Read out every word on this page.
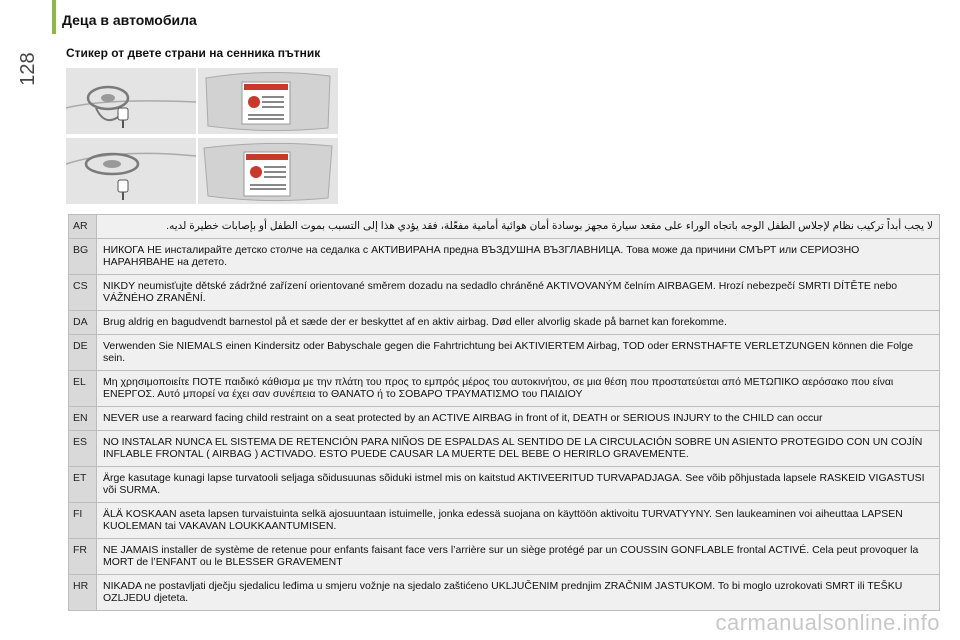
128
Деца в автомобила
Стикер от двете страни на сенника пътник
AR	لا يجب أبداً تركيب نظام لإجلاس الطفل الوجه باتجاه الوراء على مقعد سيارة مجهز بوسادة أمان هوائية أمامية مفعّلة، فقد يؤدي هذا إلى التسبب بموت الطفل أو بإصابات خطيرة لديه.
BG	НИКОГА НЕ инсталирайте детско столче на седалка с АКТИВИРАНА предна ВЪЗДУШНА ВЪЗГЛАВНИЦА. Това може да причини СМЪРТ или СЕРИОЗНО НАРАНЯВАНЕ на детето.
CS	NIKDY neumisťujte dětské zádržné zařízení orientované směrem dozadu na sedadlo chráněné AKTIVOVANÝM čelním AIRBAGEM. Hrozí nebezpečí SMRTI DÍTĚTE nebo VÁŽNÉHO ZRANĚNÍ.
DA	Brug aldrig en bagudvendt barnestol på et sæde der er beskyttet af en aktiv airbag. Død eller alvorlig skade på barnet kan forekomme.
DE	Verwenden Sie NIEMALS einen Kindersitz oder Babyschale gegen die Fahrtrichtung bei AKTIVIERTEM Airbag, TOD oder ERNSTHAFTE VERLETZUNGEN können die Folge sein.
EL	Μη χρησιμοποιείτε ΠΟΤΕ παιδικό κάθισμα με την πλάτη του προς το εμπρός μέρος του αυτοκινήτου, σε μια θέση που προστατεύεται από ΜΕΤΩΠΙΚΟ αερόσακο που είναι ΕΝΕΡΓΟΣ. Αυτό μπορεί να έχει σαν συνέπεια το ΘΑΝΑΤΟ ή το ΣΟΒΑΡΟ ΤΡΑΥΜΑΤΙΣΜΟ του ΠΑΙΔΙΟΥ
EN	NEVER use a rearward facing child restraint on a seat protected by an ACTIVE AIRBAG in front of it, DEATH or SERIOUS INJURY to the CHILD can occur
ES	NO INSTALAR NUNCA EL SISTEMA DE RETENCIÓN PARA NIÑOS DE ESPALDAS AL SENTIDO DE LA CIRCULACIÓN SOBRE UN ASIENTO PROTEGIDO CON UN COJÍN INFLABLE FRONTAL ( AIRBAG ) ACTIVADO. ESTO PUEDE CAUSAR LA MUERTE DEL BEBE O HERIRLO GRAVEMENTE.
ET	Ärge kasutage kunagi lapse turvatooli seljaga sõidusuunas sõiduki istmel mis on kaitstud AKTIVEERITUD TURVAPADJAGA. See võib põhjustada lapsele RASKEID VIGASTUSI või SURMA.
FI	ÄLÄ KOSKAAN aseta lapsen turvaistuinta selkä ajosuuntaan istuimelle, jonka edessä suojana on käyttöön aktivoitu TURVATYYNY. Sen laukeaminen voi aiheuttaa LAPSEN KUOLEMAN tai VAKAVAN LOUKKAANTUMISEN.
FR	NE JAMAIS installer de système de retenue pour enfants faisant face vers l’arrière sur un siège protégé par un COUSSIN GONFLABLE frontal ACTIVÉ. Cela peut provoquer la MORT de l’ENFANT ou le BLESSER GRAVEMENT
HR	NIKADA ne postavljati dječju sjedalicu leđima u smjeru vožnje na sjedalo zaštićeno UKLJUČENIM prednjim ZRAČNIM JASTUKOM. To bi moglo uzrokovati SMRT ili TEŠKU OZLJEDU djeteta.
carmanualsonline.info
